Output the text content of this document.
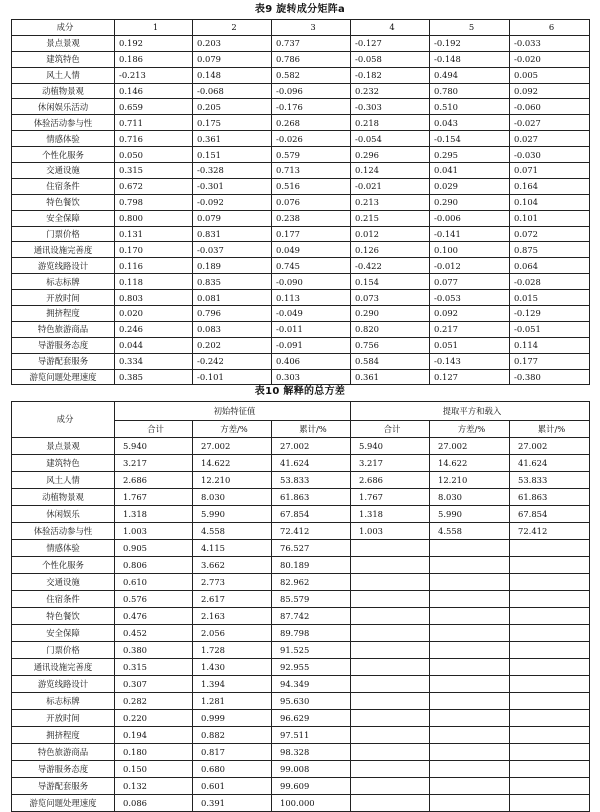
表9 旋转成分矩阵a
成分	1	2	3	4	5	6
景点景观	0.192	0.203	0.737	-0.127	-0.192	-0.033
建筑特色	0.186	0.079	0.786	-0.058	-0.148	-0.020
风土人情	-0.213	0.148	0.582	-0.182	0.494	0.005
动植物景观	0.146	-0.068	-0.096	0.232	0.780	0.092
休闲娱乐活动	0.659	0.205	-0.176	-0.303	0.510	-0.060
体验活动参与性	0.711	0.175	0.268	0.218	0.043	-0.027
情感体验	0.716	0.361	-0.026	-0.054	-0.154	0.027
个性化服务	0.050	0.151	0.579	0.296	0.295	-0.030
交通设施	0.315	-0.328	0.713	0.124	0.041	0.071
住宿条件	0.672	-0.301	0.516	-0.021	0.029	0.164
特色餐饮	0.798	-0.092	0.076	0.213	0.290	0.104
安全保障	0.800	0.079	0.238	0.215	-0.006	0.101
门票价格	0.131	0.831	0.177	0.012	-0.141	0.072
通讯设施完善度	0.170	-0.037	0.049	0.126	0.100	0.875
游览线路设计	0.116	0.189	0.745	-0.422	-0.012	0.064
标志标牌	0.118	0.835	-0.090	0.154	0.077	-0.028
开放时间	0.803	0.081	0.113	0.073	-0.053	0.015
拥挤程度	0.020	0.796	-0.049	0.290	0.092	-0.129
特色旅游商品	0.246	0.083	-0.011	0.820	0.217	-0.051
导游服务态度	0.044	0.202	-0.091	0.756	0.051	0.114
导游配套服务	0.334	-0.242	0.406	0.584	-0.143	0.177
游览问题处理速度	0.385	-0.101	0.303	0.361	0.127	-0.380
表10 解释的总方差
成分	初始特征值			提取平方和载入		
	合计	方差/%	累计/%	合计	方差/%	累计/%
景点景观	5.940	27.002	27.002	5.940	27.002	27.002
建筑特色	3.217	14.622	41.624	3.217	14.622	41.624
风土人情	2.686	12.210	53.833	2.686	12.210	53.833
动植物景观	1.767	8.030	61.863	1.767	8.030	61.863
休闲娱乐	1.318	5.990	67.854	1.318	5.990	67.854
体验活动参与性	1.003	4.558	72.412	1.003	4.558	72.412
情感体验	0.905	4.115	76.527			
个性化服务	0.806	3.662	80.189			
交通设施	0.610	2.773	82.962			
住宿条件	0.576	2.617	85.579			
特色餐饮	0.476	2.163	87.742			
安全保障	0.452	2.056	89.798			
门票价格	0.380	1.728	91.525			
通讯设施完善度	0.315	1.430	92.955			
游览线路设计	0.307	1.394	94.349			
标志标牌	0.282	1.281	95.630			
开放时间	0.220	0.999	96.629			
拥挤程度	0.194	0.882	97.511			
特色旅游商品	0.180	0.817	98.328			
导游服务态度	0.150	0.680	99.008			
导游配套服务	0.132	0.601	99.609			
游览问题处理速度	0.086	0.391	100.000			
